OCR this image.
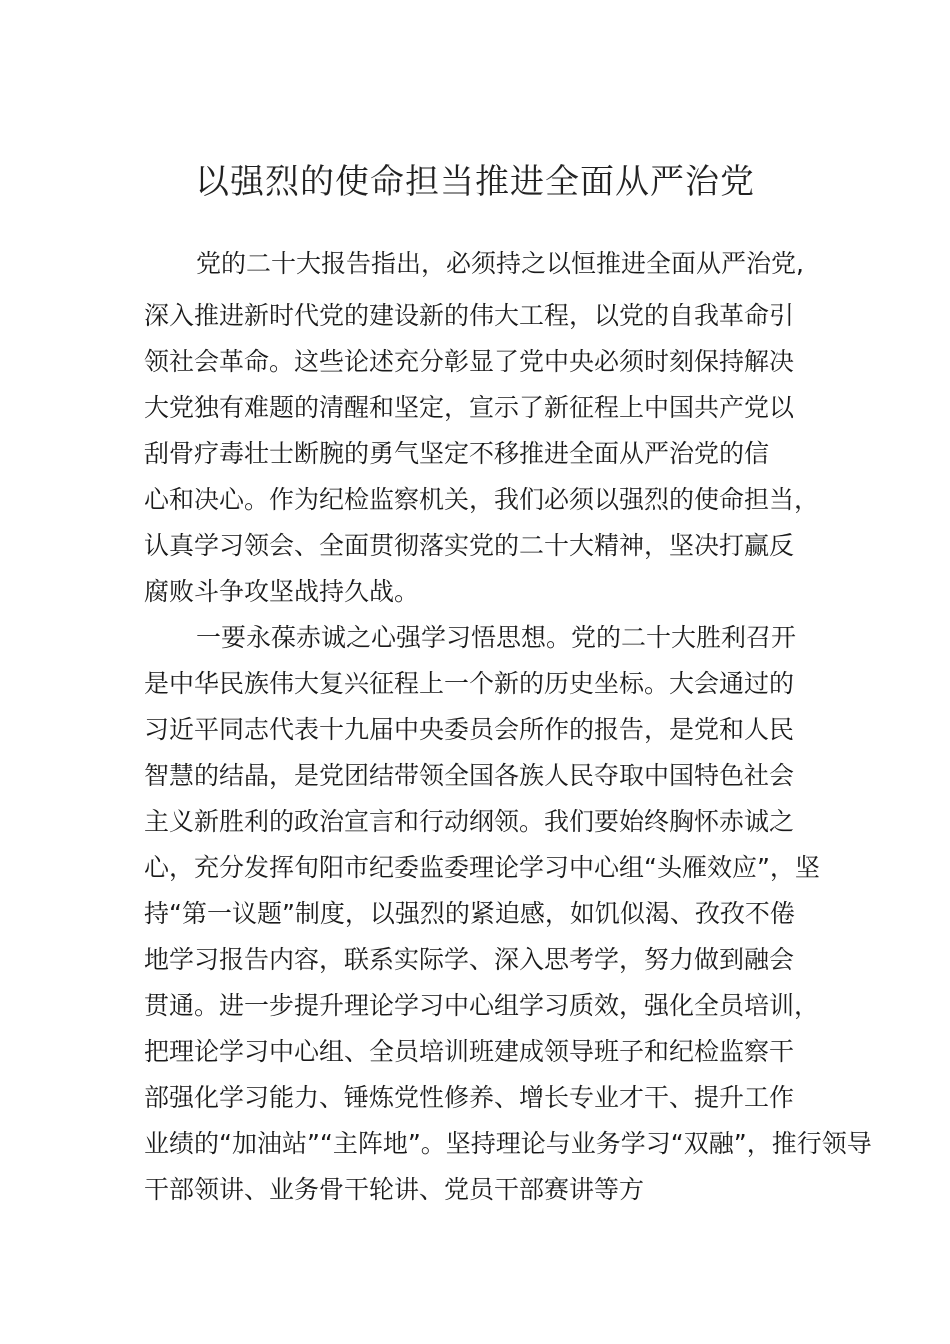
以强烈的使命担当推进全面从严治党
党的二十大报告指出，必须持之以恒推进全面从严治党,
深入推进新时代党的建设新的伟大工程，以党的自我革命引
领社会革命。这些论述充分彰显了党中央必须时刻保持解决
大党独有难题的清醒和坚定，宣示了新征程上中国共产党以
刮骨疗毒壮士断腕的勇气坚定不移推进全面从严治党的信
心和决心。作为纪检监察机关，我们必须以强烈的使命担当，
认真学习领会、全面贯彻落实党的二十大精神，坚决打赢反
腐败斗争攻坚战持久战。
一要永葆赤诚之心强学习悟思想。党的二十大胜利召开
是中华民族伟大复兴征程上一个新的历史坐标。大会通过的
习近平同志代表十九届中央委员会所作的报告，是党和人民
智慧的结晶，是党团结带领全国各族人民夺取中国特色社会
主义新胜利的政治宣言和行动纲领。我们要始终胸怀赤诚之
心，充分发挥旬阳市纪委监委理论学习中心组“头雁效应”，坚
持“第一议题”制度，以强烈的紧迫感，如饥似渴、孜孜不倦
地学习报告内容，联系实际学、深入思考学，努力做到融会
贯通。进一步提升理论学习中心组学习质效，强化全员培训，
把理论学习中心组、全员培训班建成领导班子和纪检监察干
部强化学习能力、锤炼党性修养、增长专业才干、提升工作
业绩的“加油站”“主阵地”。坚持理论与业务学习“双融”，推行领导
干部领讲、业务骨干轮讲、党员干部赛讲等方
